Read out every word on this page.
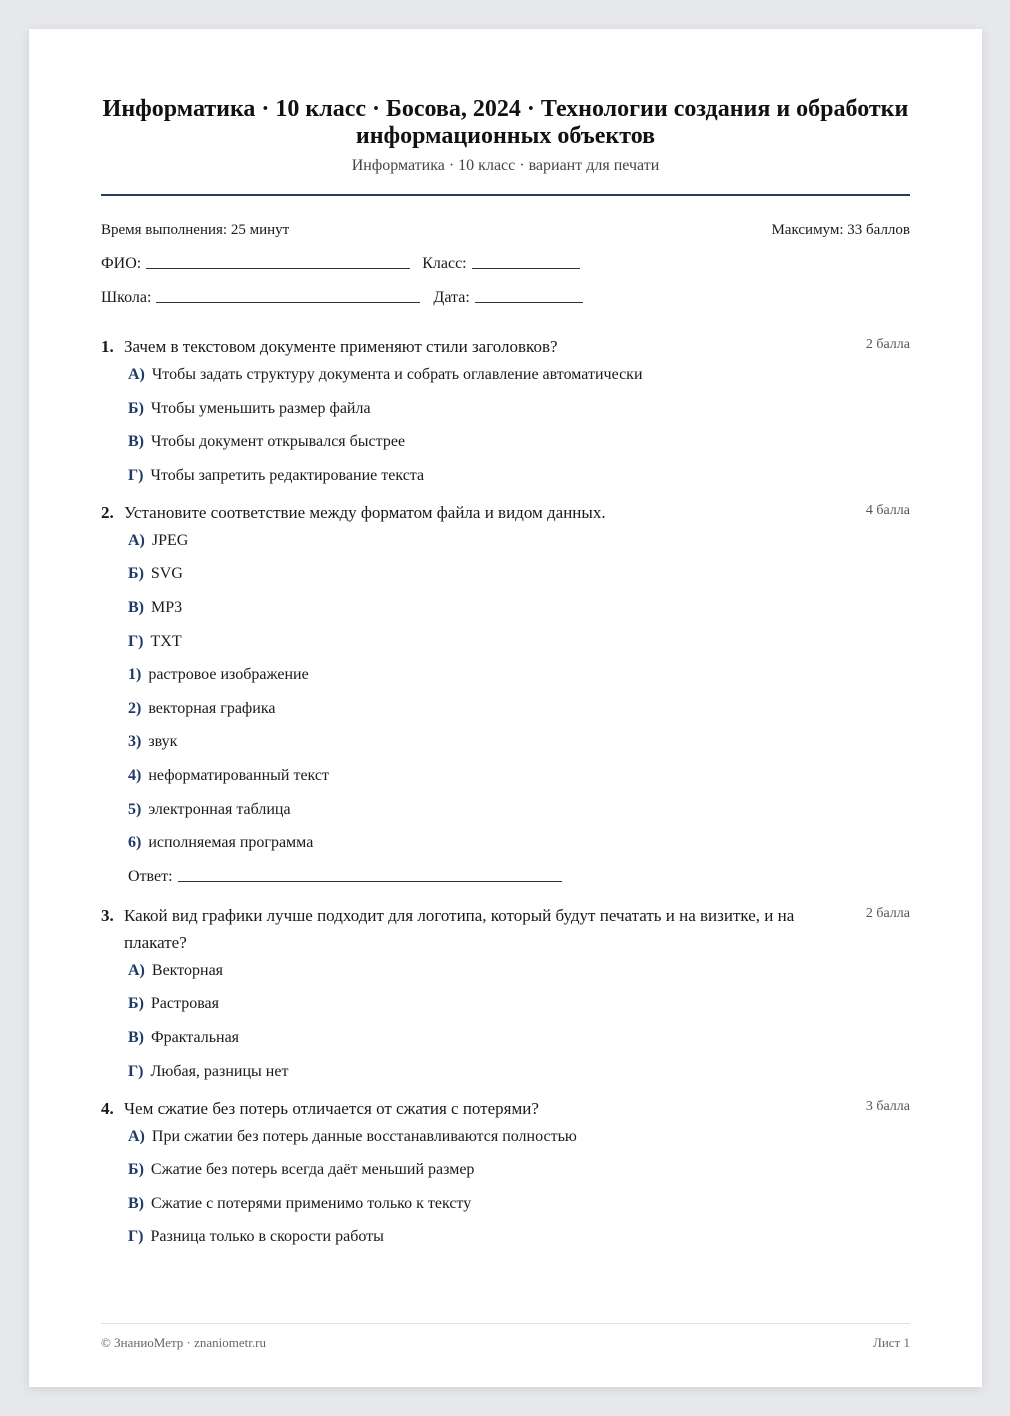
Информатика · 10 класс · Босова, 2024 · Технологии создания и обработки информационных объектов
Информатика · 10 класс · вариант для печати
Время выполнения: 25 минут	Максимум: 33 баллов
ФИО:	Класс:
Школа:	Дата:
1. Зачем в текстовом документе применяют стили заголовков?	2 балла
А) Чтобы задать структуру документа и собрать оглавление автоматически
Б) Чтобы уменьшить размер файла
В) Чтобы документ открывался быстрее
Г) Чтобы запретить редактирование текста
2. Установите соответствие между форматом файла и видом данных.	4 балла
А) JPEG
Б) SVG
В) MP3
Г) TXT
1) растровое изображение
2) векторная графика
3) звук
4) неформатированный текст
5) электронная таблица
6) исполняемая программа
Ответ:
3. Какой вид графики лучше подходит для логотипа, который будут печатать и на визитке, и на плакате?
2 балла
А) Векторная
Б) Растровая
В) Фрактальная
Г) Любая, разницы нет
4. Чем сжатие без потерь отличается от сжатия с потерями?	3 балла
А) При сжатии без потерь данные восстанавливаются полностью
Б) Сжатие без потерь всегда даёт меньший размер
В) Сжатие с потерями применимо только к тексту
Г) Разница только в скорости работы
© ЗнаниоМетр · znaniometr.ru	Лист 1
